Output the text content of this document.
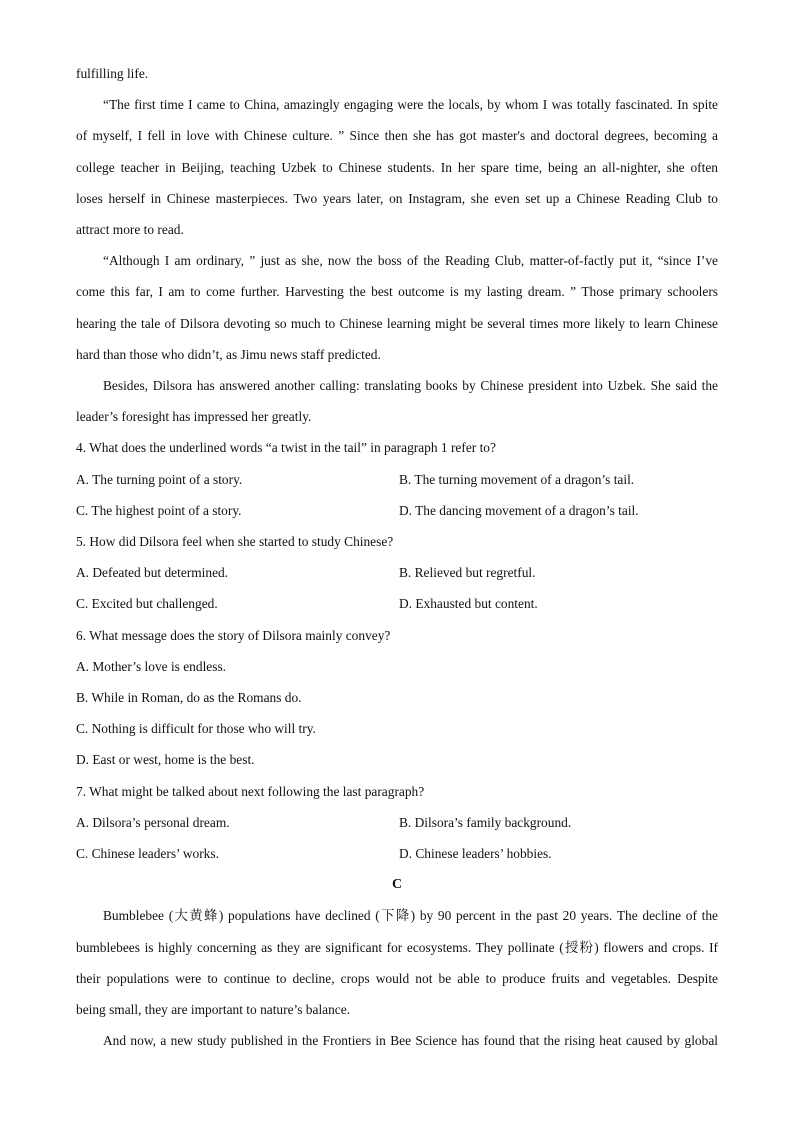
fulfilling life.

“The first time I came to China, amazingly engaging were the locals, by whom I was totally fascinated. In spite

of myself, I fell in love with Chinese culture. ” Since then she has got master's and doctoral degrees, becoming a

college teacher in Beijing, teaching Uzbek to Chinese students. In her spare time, being an all-nighter, she often

loses herself in Chinese masterpieces. Two years later, on Instagram, she even set up a Chinese Reading Club to

attract more to read.

“Although I am ordinary, ” just as she, now the boss of the Reading Club, matter-of-factly put it, “since I’ve

come this far, I am to come further. Harvesting the best outcome is my lasting dream. ” Those primary schoolers

hearing the tale of Dilsora devoting so much to Chinese learning might be several times more likely to learn Chinese

hard than those who didn’t, as Jimu news staff predicted.

Besides, Dilsora has answered another calling: translating books by Chinese president into Uzbek. She said the

leader’s foresight has impressed her greatly.

4. What does the underlined words “a twist in the tail” in paragraph 1 refer to?

A. The turning point of a story.	B. The turning movement of a dragon’s tail.

C. The highest point of a story.	D. The dancing movement of a dragon’s tail.

5. How did Dilsora feel when she started to study Chinese?

A. Defeated but determined.	B. Relieved but regretful.

C. Excited but challenged.	D. Exhausted but content.

6. What message does the story of Dilsora mainly convey?

A. Mother’s love is endless.

B. While in Roman, do as the Romans do.

C. Nothing is difficult for those who will try.

D. East or west, home is the best.

7. What might be talked about next following the last paragraph?

A. Dilsora’s personal dream.	B. Dilsora’s family background.

C. Chinese leaders’ works.	D. Chinese leaders’ hobbies.

C

Bumblebee (大黄蜂) populations have declined (下降) by 90 percent in the past 20 years. The decline of the

bumblebees is highly concerning as they are significant for ecosystems. They pollinate (授粉) flowers and crops. If

their populations were to continue to decline, crops would not be able to produce fruits and vegetables. Despite

being small, they are important to nature’s balance.

And now, a new study published in the Frontiers in Bee Science has found that the rising heat caused by global
